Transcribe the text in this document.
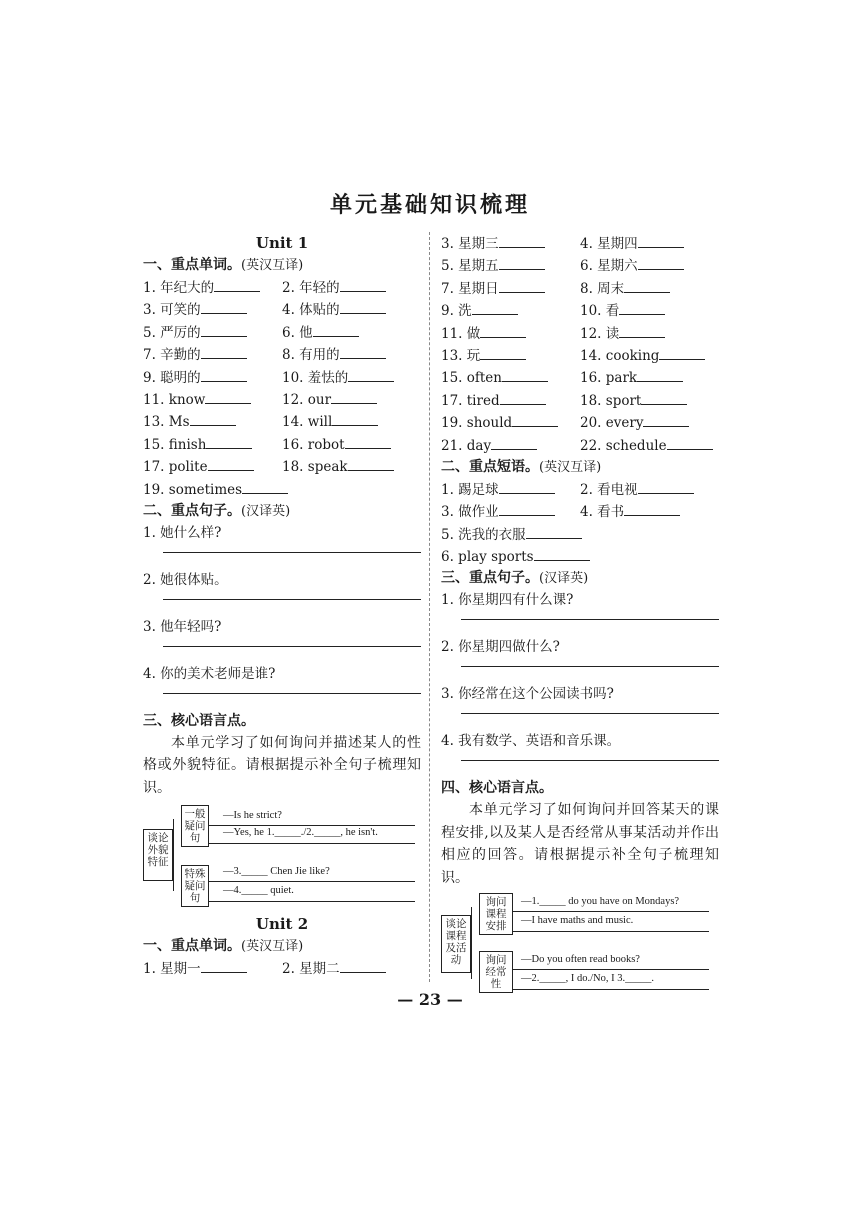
单元基础知识梳理
Unit 1
一、重点单词。(英汉互译)
1. 年纪大的	2. 年轻的
3. 可笑的	4. 体贴的
5. 严厉的	6. 他
7. 辛勤的	8. 有用的
9. 聪明的	10. 羞怯的
11. know	12. our
13. Ms	14. will
15. finish	16. robot
17. polite	18. speak
19. sometimes
二、重点句子。(汉译英)
1. 她什么样?
2. 她很体贴。
3. 他年轻吗?
4. 你的美术老师是谁?
三、核心语言点。
本单元学习了如何询问并描述某人的性格或外貌特征。请根据提示补全句子梳理知识。
谈论外貌特征
一般疑问句
—Is he strict?
—Yes, he 1._____./2._____, he isn't.
特殊疑问句
—3._____ Chen Jie like?
—4._____ quiet.
Unit 2
一、重点单词。(英汉互译)
1. 星期一	2. 星期二
3. 星期三	4. 星期四
5. 星期五	6. 星期六
7. 星期日	8. 周末
9. 洗	10. 看
11. 做	12. 读
13. 玩	14. cooking
15. often	16. park
17. tired	18. sport
19. should	20. every
21. day	22. schedule
二、重点短语。(英汉互译)
1. 踢足球	2. 看电视
3. 做作业	4. 看书
5. 洗我的衣服
6. play sports
三、重点句子。(汉译英)
1. 你星期四有什么课?
2. 你星期四做什么?
3. 你经常在这个公园读书吗?
4. 我有数学、英语和音乐课。
四、核心语言点。
本单元学习了如何询问并回答某天的课程安排,以及某人是否经常从事某活动并作出相应的回答。请根据提示补全句子梳理知识。
谈论课程及活动
询问课程安排
—1._____ do you have on Mondays?
—I have maths and music.
询问经常性
—Do you often read books?
—2._____, I do./No, I 3._____.
— 23 —
